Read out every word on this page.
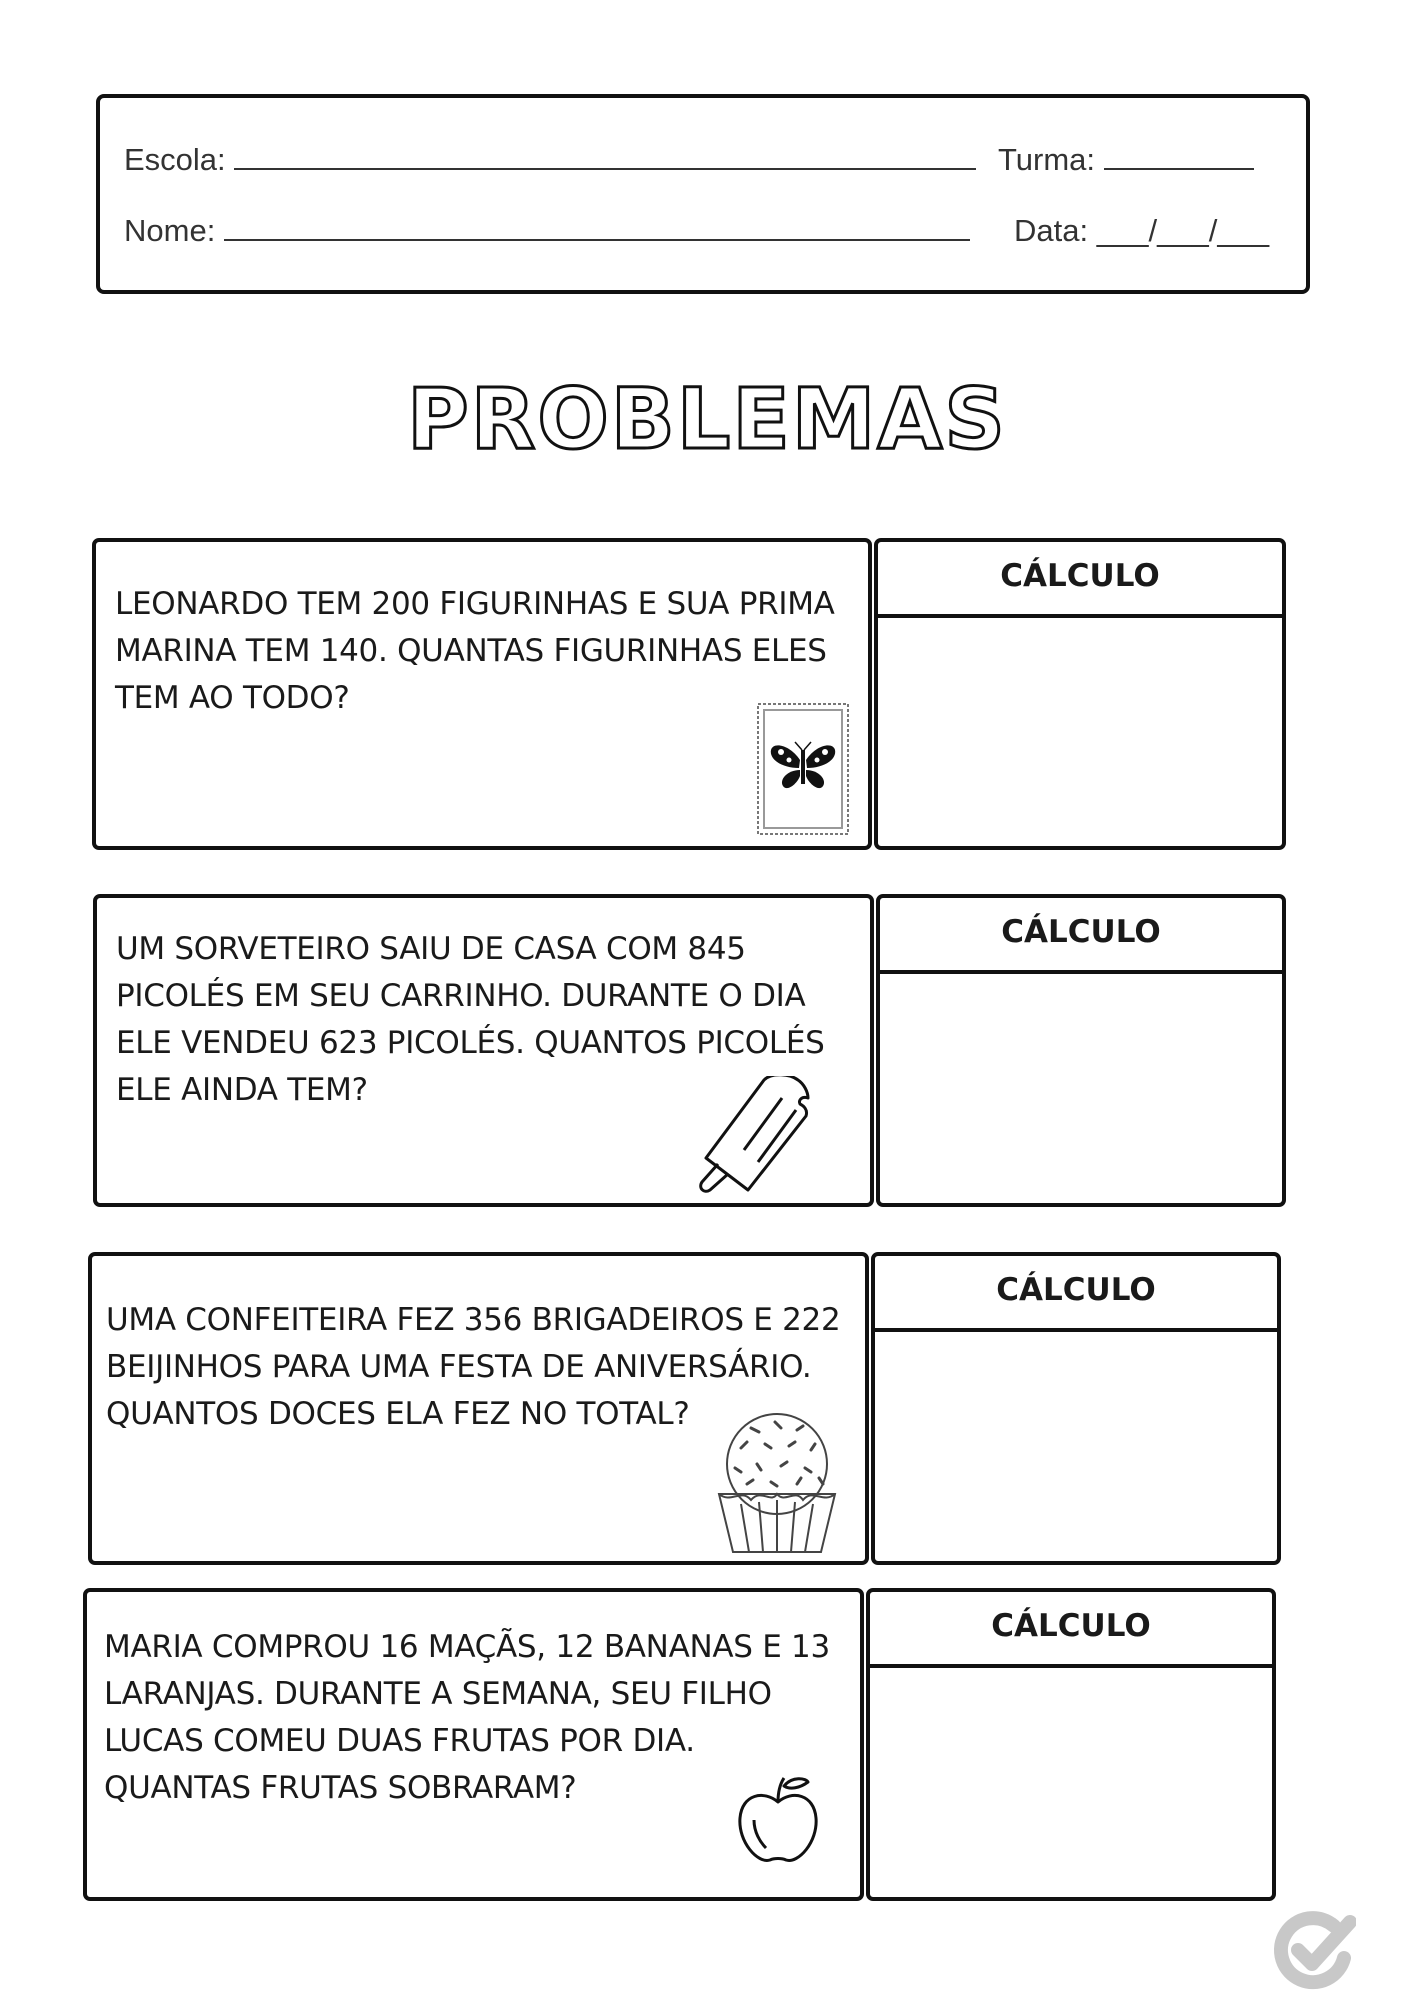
Escola:	Turma:
Nome:	Data: ___/___/___
PROBLEMAS
LEONARDO TEM 200 FIGURINHAS E SUA PRIMA
MARINA TEM 140. QUANTAS FIGURINHAS ELES
TEM AO TODO?
CÁLCULO
UM SORVETEIRO SAIU DE CASA COM 845
PICOLÉS EM SEU CARRINHO. DURANTE O DIA
ELE VENDEU 623 PICOLÉS. QUANTOS PICOLÉS
ELE AINDA TEM?
CÁLCULO
UMA CONFEITEIRA FEZ 356 BRIGADEIROS E 222
BEIJINHOS PARA UMA FESTA DE ANIVERSÁRIO.
QUANTOS DOCES ELA FEZ NO TOTAL?
CÁLCULO
MARIA COMPROU 16 MAÇÃS, 12 BANANAS E 13
LARANJAS. DURANTE A SEMANA, SEU FILHO
LUCAS COMEU DUAS FRUTAS POR DIA.
QUANTAS FRUTAS SOBRARAM?
CÁLCULO
